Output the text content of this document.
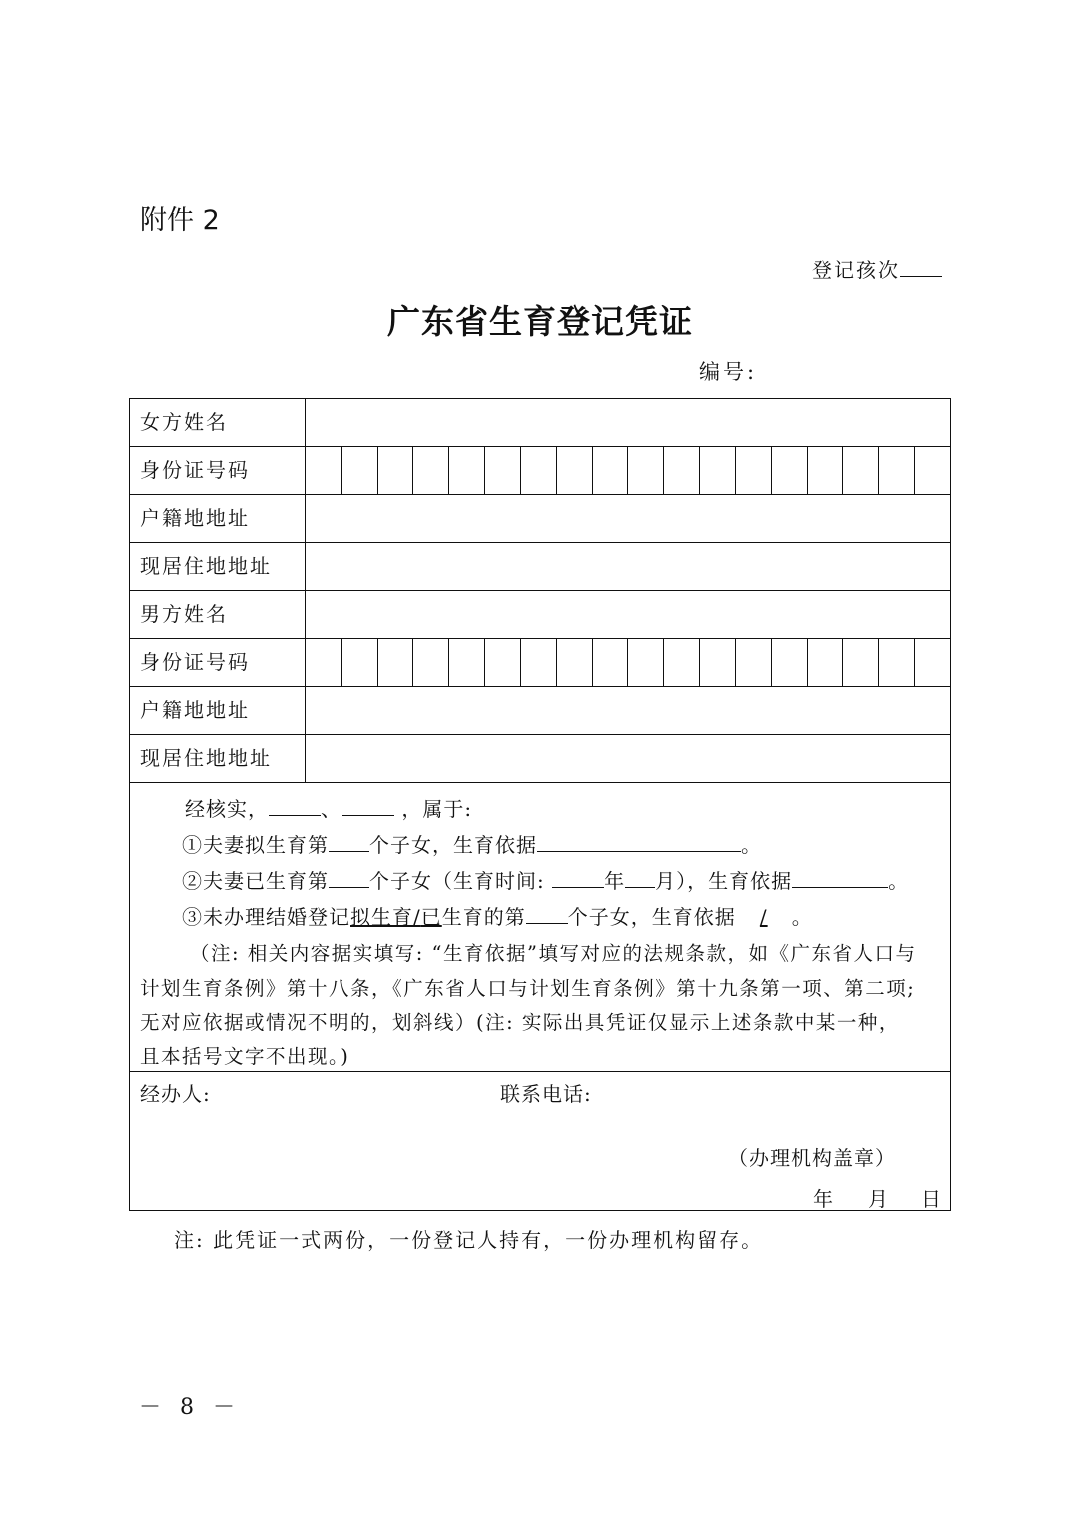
附件 2
登记孩次
广东省生育登记凭证
编号:
女方姓名
身份证号码
户籍地地址
现居住地地址
男方姓名
身份证号码
户籍地地址
现居住地地址
经核实，	、	，属于:
①夫妻拟生育第 个子女，生育依据	。
②夫妻已生育第 个子女（生育时间:	年 月），生育依据	。
③未办理结婚登记拟生育/已生育的第 个子女，生育依据 / 。
（注: 相关内容据实填写: “生育依据”填写对应的法规条款，如《广东省人口与
计划生育条例》第十八条，《广东省人口与计划生育条例》第十九条第一项、第二项;
无对应依据或情况不明的，划斜线）(注: 实际出具凭证仅显示上述条款中某一种，
且本括号文字不出现。)
经办人:	联系电话:
（办理机构盖章）
年 月 日
注: 此凭证一式两份，一份登记人持有，一份办理机构留存。
－ 8 －
